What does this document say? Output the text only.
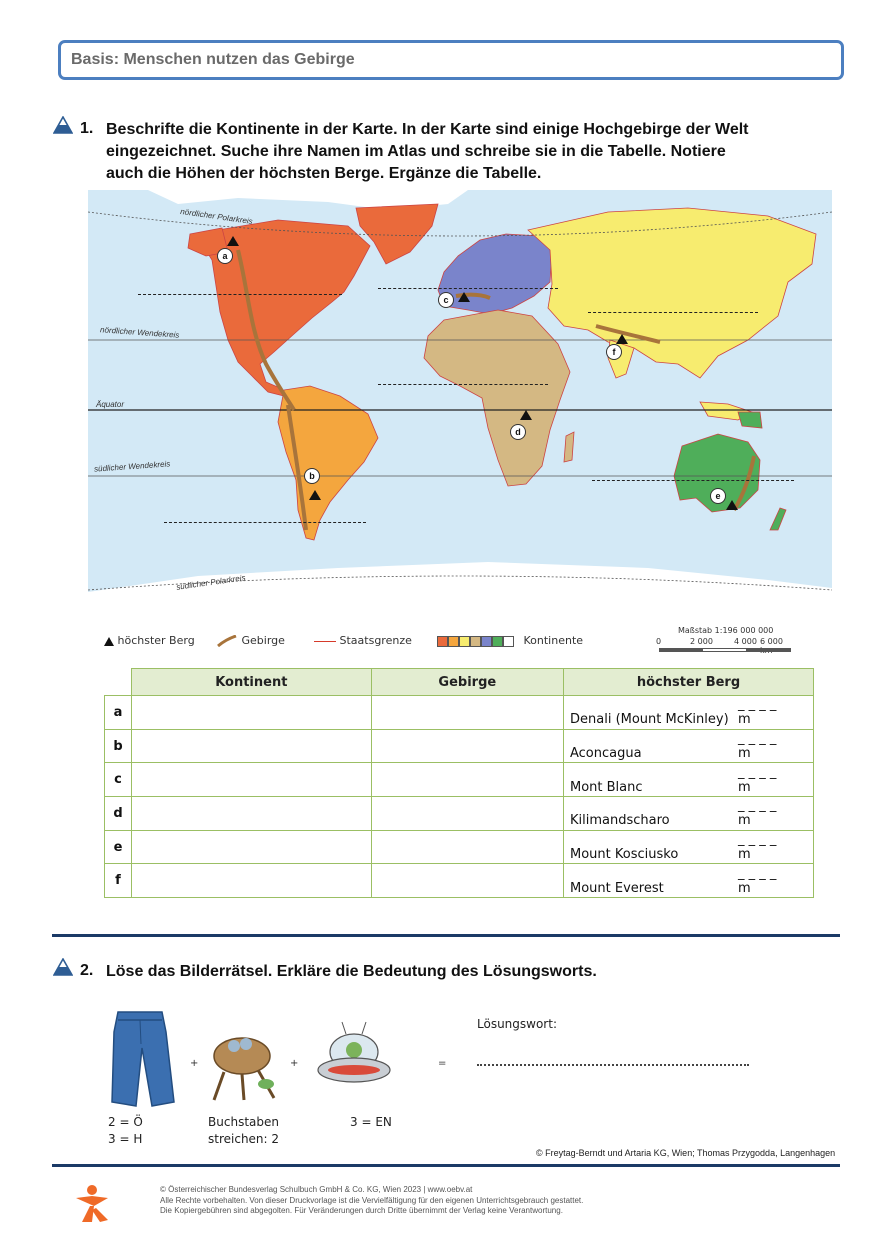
Basis: Menschen nutzen das Gebirge
1. Beschrifte die Kontinente in der Karte. In der Karte sind einige Hochgebirge der Welt
eingezeichnet. Suche ihre Namen im Atlas und schreibe sie in die Tabelle. Notiere
auch die Höhen der höchsten Berge. Ergänze die Tabelle.
nördlicher Polarkreis
nördlicher Wendekreis
Äquator
südlicher Wendekreis
südlicher Polarkreis
a
b
c
d
e
f
höchster Berg	Gebirge	Staatsgrenze	Kontinente
Maßstab 1:196 000 000
0	2 000	4 000 6 000
	Kontinent	Gebirge	höchster Berg
a			Denali (Mount McKinley)_ _ _ _ m
b			Aconcagua_ _ _ _ m
c			Mont Blanc_ _ _ _ m
d			Kilimandscharo_ _ _ _ m
e			Mount Kosciusko_ _ _ _ m
f			Mount Everest_ _ _ _ m
2. Löse das Bilderrätsel. Erkläre die Bedeutung des Lösungsworts.
2 = Ö
3 = H
+
Buchstaben
streichen: 2
+
3 = EN
=
Lösungswort:
© Freytag-Berndt und Artaria KG, Wien; Thomas Przygodda, Langenhagen
© Österreichischer Bundesverlag Schulbuch GmbH & Co. KG, Wien 2023 | www.oebv.at
Alle Rechte vorbehalten. Von dieser Druckvorlage ist die Vervielfältigung für den eigenen Unterrichtsgebrauch gestattet.
Die Kopiergebühren sind abgegolten. Für Veränderungen durch Dritte übernimmt der Verlag keine Verantwortung.
